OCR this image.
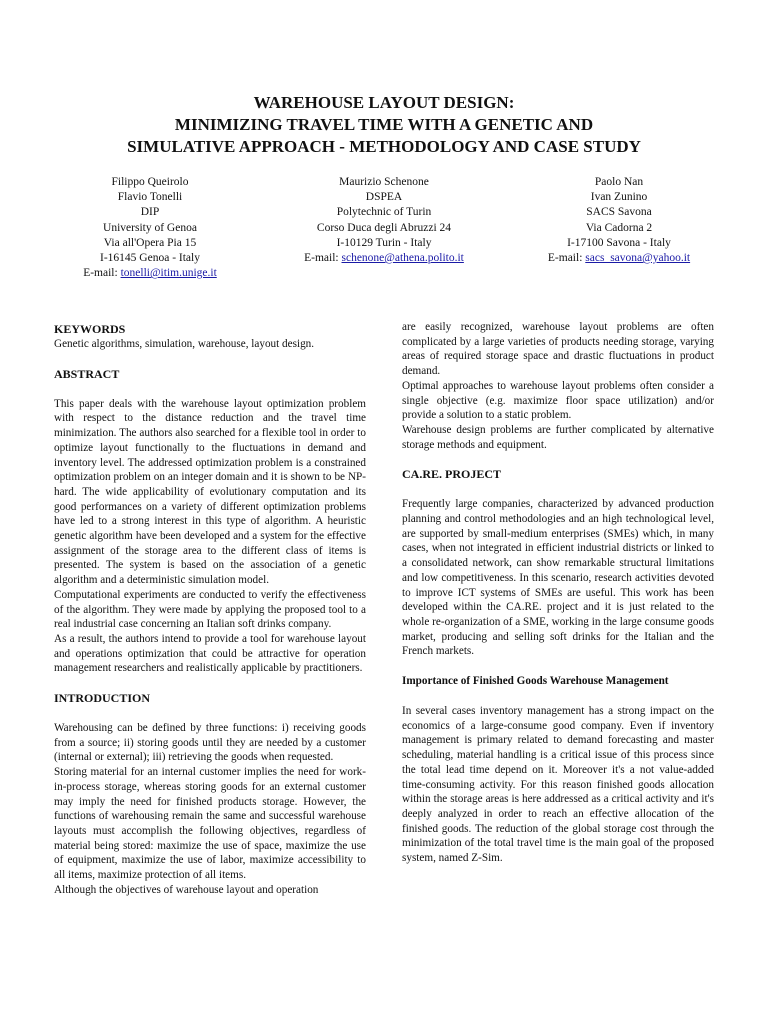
WAREHOUSE LAYOUT DESIGN:
MINIMIZING TRAVEL TIME WITH A GENETIC AND
SIMULATIVE APPROACH - METHODOLOGY AND CASE STUDY
Filippo Queirolo
Flavio Tonelli
DIP
University of Genoa
Via all'Opera Pia 15
I-16145 Genoa - Italy
E-mail: tonelli@itim.unige.it
Maurizio Schenone
DSPEA
Polytechnic of Turin
Corso Duca degli Abruzzi 24
I-10129 Turin - Italy
E-mail: schenone@athena.polito.it
Paolo Nan
Ivan Zunino
SACS Savona
Via Cadorna 2
I-17100 Savona - Italy
E-mail: sacs_savona@yahoo.it
KEYWORDS

Genetic algorithms, simulation, warehouse, layout design.

ABSTRACT

This paper deals with the warehouse layout optimization problem with respect to the distance reduction and the travel time minimization. The authors also searched for a flexible tool in order to optimize layout functionally to the fluctuations in demand and inventory level. The addressed optimization problem is a constrained optimization problem on an integer domain and it is shown to be NP-hard. The wide applicability of evolutionary computation and its good performances on a variety of different optimization problems have led to a strong interest in this type of algorithm. A heuristic genetic algorithm have been developed and a system for the effective assignment of the storage area to the different class of items is presented. The system is based on the association of a genetic algorithm and a deterministic simulation model.

Computational experiments are conducted to verify the effectiveness of the algorithm. They were made by applying the proposed tool to a real industrial case concerning an Italian soft drinks company.

As a result, the authors intend to provide a tool for warehouse layout and operations optimization that could be attractive for operation management researchers and realistically applicable by practitioners.

INTRODUCTION

Warehousing can be defined by three functions: i) receiving goods from a source; ii) storing goods until they are needed by a customer (internal or external); iii) retrieving the goods when requested.

Storing material for an internal customer implies the need for work-in-process storage, whereas storing goods for an external customer may imply the need for finished products storage. However, the functions of warehousing remain the same and successful warehouse layouts must accomplish the following objectives, regardless of material being stored: maximize the use of space, maximize the use of equipment, maximize the use of labor, maximize accessibility to all items, maximize protection of all items.

Although the objectives of warehouse layout and operation

are easily recognized, warehouse layout problems are often complicated by a large varieties of products needing storage, varying areas of required storage space and drastic fluctuations in product demand.

Optimal approaches to warehouse layout problems often consider a single objective (e.g. maximize floor space utilization) and/or provide a solution to a static problem.

Warehouse design problems are further complicated by alternative storage methods and equipment.

CA.RE. PROJECT

Frequently large companies, characterized by advanced production planning and control methodologies and an high technological level, are supported by small-medium enterprises (SMEs) which, in many cases, when not integrated in efficient industrial districts or linked to a consolidated network, can show remarkable structural limitations and low competitiveness. In this scenario, research activities devoted to improve ICT systems of SMEs are useful. This work has been developed within the CA.RE. project and it is just related to the whole re-organization of a SME, working in the large consume goods market, producing and selling soft drinks for the Italian and the French markets.

Importance of Finished Goods Warehouse Management

In several cases inventory management has a strong impact on the economics of a large-consume good company. Even if inventory management is primary related to demand forecasting and master scheduling, material handling is a critical issue of this process since the total lead time depend on it. Moreover it's a not value-added time-consuming activity. For this reason finished goods allocation within the storage areas is here addressed as a critical activity and it's deeply analyzed in order to reach an effective allocation of the finished goods. The reduction of the global storage cost through the minimization of the total travel time is the main goal of the proposed system, named Z-Sim.
